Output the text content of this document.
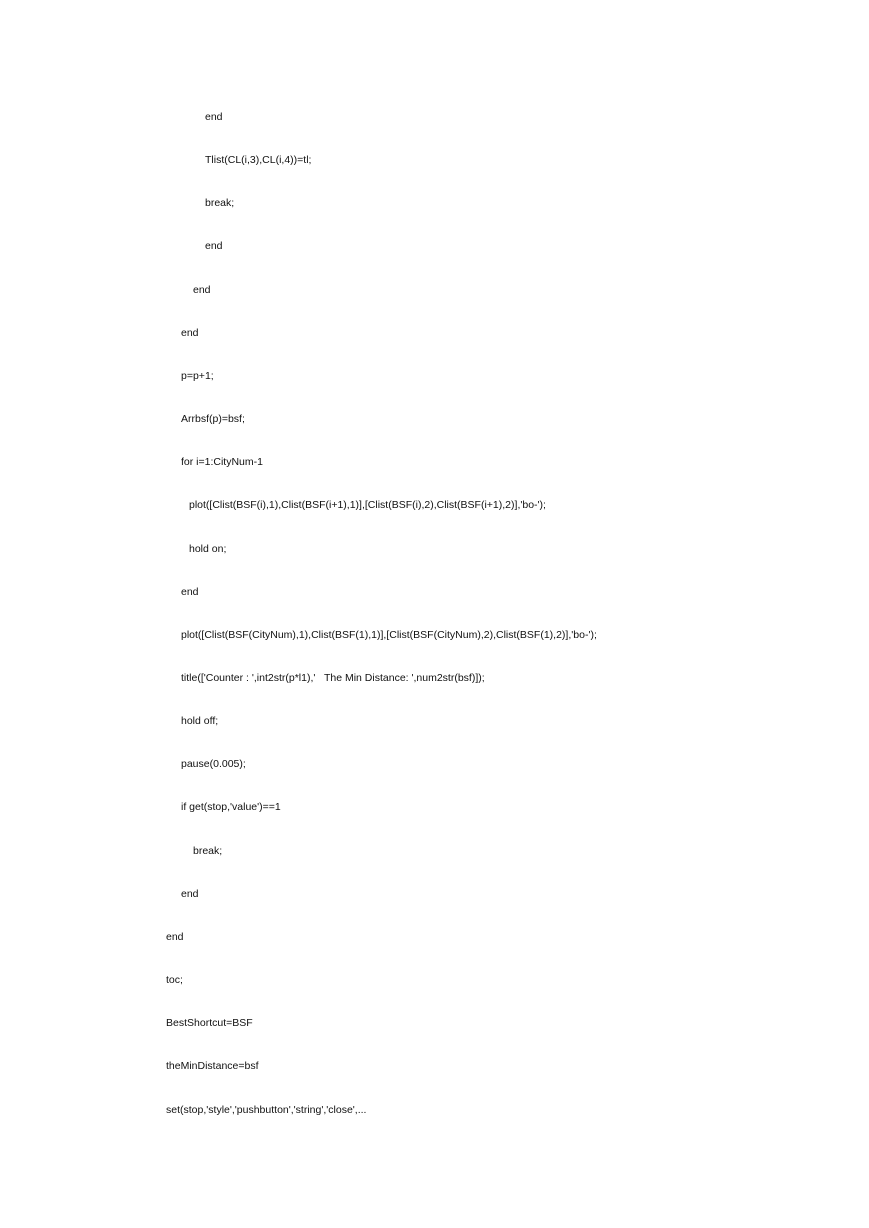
end
Tlist(CL(i,3),CL(i,4))=tl;
break;
end
end
end
p=p+1;
Arrbsf(p)=bsf;
for i=1:CityNum-1
plot([Clist(BSF(i),1),Clist(BSF(i+1),1)],[Clist(BSF(i),2),Clist(BSF(i+1),2)],'bo-');
hold on;
end
plot([Clist(BSF(CityNum),1),Clist(BSF(1),1)],[Clist(BSF(CityNum),2),Clist(BSF(1),2)],'bo-');
title(['Counter : ',int2str(p*l1),'   The Min Distance: ',num2str(bsf)]);
hold off;
pause(0.005);
if get(stop,'value')==1
break;
end
end
toc;
BestShortcut=BSF
theMinDistance=bsf
set(stop,'style','pushbutton','string','close',...
